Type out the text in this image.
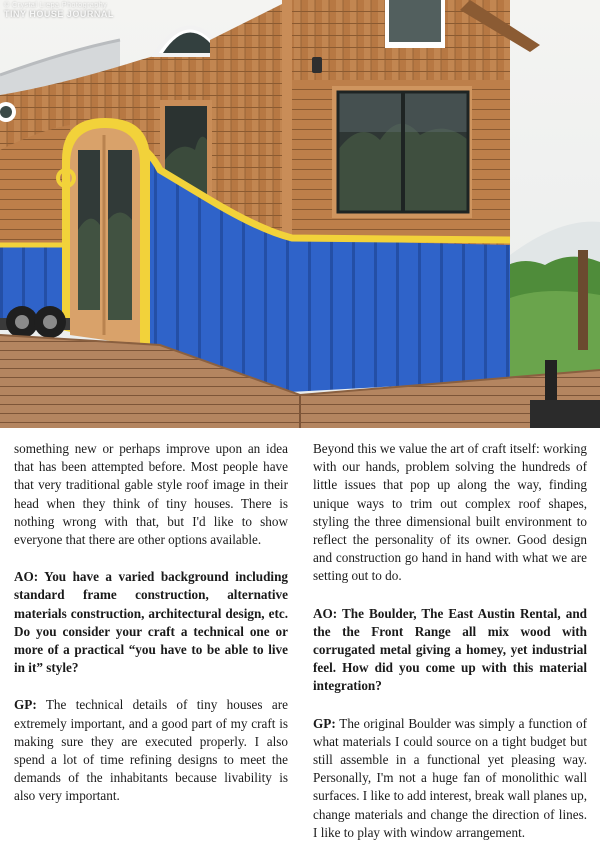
© Crystal Liepa Photography
TINY HOUSE JOURNAL

something new or perhaps improve upon an idea that has been attempted before. Most people have that very traditional gable style roof image in their head when they think of tiny houses. There is nothing wrong with that, but I'd like to show everyone that there are other options available.

AO: You have a varied background including standard frame construction, alternative materials construction, architectural design, etc. Do you consider your craft a technical one or more of a practical “you have to be able to live in it” style?

GP: The technical details of tiny houses are extremely important, and a good part of my craft is making sure they are executed properly. I also spend a lot of time refining designs to meet the demands of the inhabitants because livability is also very important.

Beyond this we value the art of craft itself: working with our hands, problem solving the hundreds of little issues that pop up along the way, finding unique ways to trim out complex roof shapes, styling the three dimensional built environment to reflect the personality of its owner. Good design and construction go hand in hand with what we are setting out to do.

AO: The Boulder, The East Austin Rental, and the the Front Range all mix wood with corrugated metal giving a homey, yet industrial feel. How did you come up with this material integration?

GP: The original Boulder was simply a function of what materials I could source on a tight budget but still assemble in a functional yet pleasing way. Personally, I'm not a huge fan of monolithic wall surfaces. I like to add interest, break wall planes up, change materials and change the direction of lines. I like to play with window arrangement.
